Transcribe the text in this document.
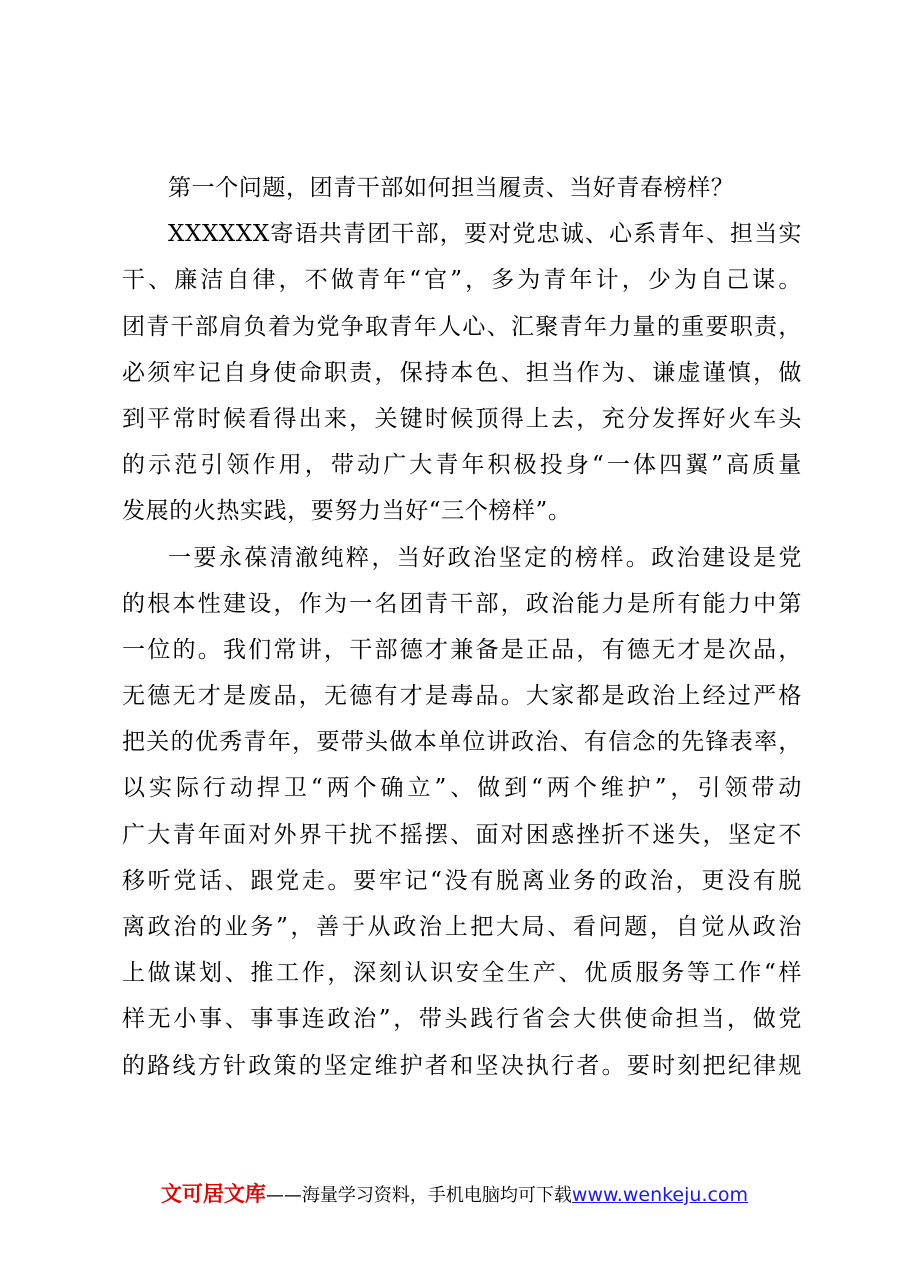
第一个问题，团青干部如何担当履责、当好青春榜样？
XXXXXX寄语共青团干部，要对党忠诚、心系青年、担当实
干、廉洁自律，不做青年“官”，多为青年计，少为自己谋。
团青干部肩负着为党争取青年人心、汇聚青年力量的重要职责，
必须牢记自身使命职责，保持本色、担当作为、谦虚谨慎，做
到平常时候看得出来，关键时候顶得上去，充分发挥好火车头
的示范引领作用，带动广大青年积极投身“一体四翼”高质量
发展的火热实践，要努力当好“三个榜样”。
一要永葆清澈纯粹，当好政治坚定的榜样。政治建设是党
的根本性建设，作为一名团青干部，政治能力是所有能力中第
一位的。我们常讲，干部德才兼备是正品，有德无才是次品，
无德无才是废品，无德有才是毒品。大家都是政治上经过严格
把关的优秀青年，要带头做本单位讲政治、有信念的先锋表率，
以实际行动捍卫“两个确立”、做到“两个维护”，引领带动
广大青年面对外界干扰不摇摆、面对困惑挫折不迷失，坚定不
移听党话、跟党走。要牢记“没有脱离业务的政治，更没有脱
离政治的业务”，善于从政治上把大局、看问题，自觉从政治
上做谋划、推工作，深刻认识安全生产、优质服务等工作“样
样无小事、事事连政治”，带头践行省会大供使命担当，做党
的路线方针政策的坚定维护者和坚决执行者。要时刻把纪律规
文可居文库——海量学习资料，手机电脑均可下载www.wenkeju.com
